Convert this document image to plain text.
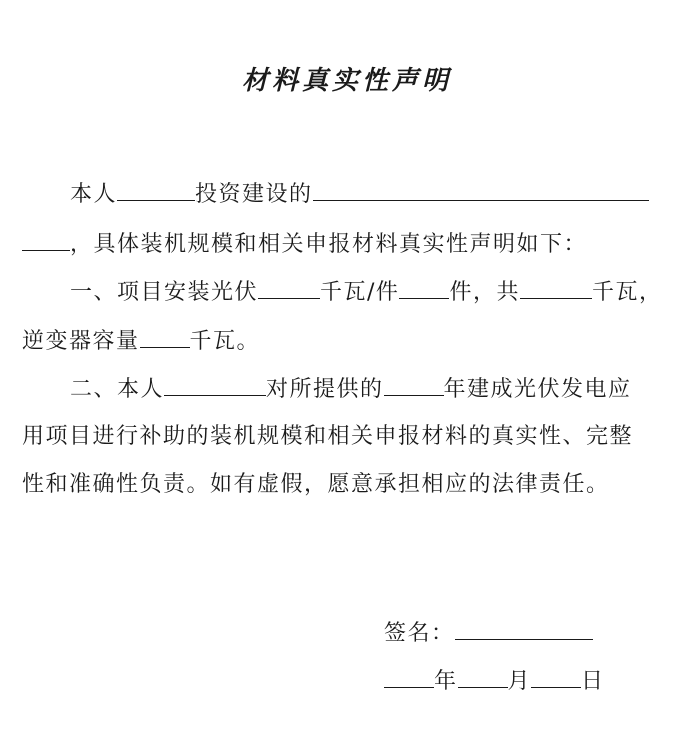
材料真实性声明
本人	投资建设的
，具体装机规模和相关申报材料真实性声明如下：
一、项目安装光伏	千瓦/件 件，共	千瓦，
逆变器容量 千瓦。
二、本人	对所提供的	年建成光伏发电应
用项目进行补助的装机规模和相关申报材料的真实性、完整
性和准确性负责。如有虚假，愿意承担相应的法律责任。
签名：
年 月 日
